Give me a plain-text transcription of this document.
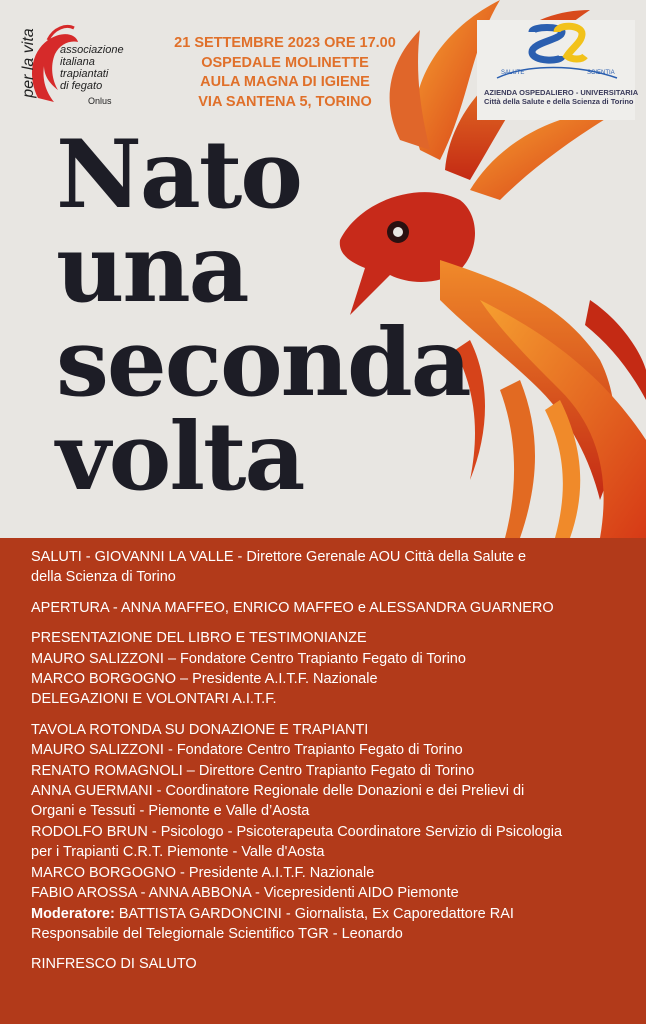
per la vita associazione
italiana
trapiantati
di fegato
Onlus
21 SETTEMBRE 2023 ORE 17.00
OSPEDALE MOLINETTE
AULA MAGNA DI IGIENE
VIA SANTENA 5, TORINO
SALUTE	SCIENTIA
AZIENDA OSPEDALIERO - UNIVERSITARIA
Città della Salute e della Scienza di Torino
Nato
una
seconda
volta
SALUTI - GIOVANNI LA VALLE - Direttore Gerenale AOU Città della Salute e
della Scienza di Torino
APERTURA - ANNA MAFFEO, ENRICO MAFFEO e ALESSANDRA GUARNERO
PRESENTAZIONE DEL LIBRO E TESTIMONIANZE
MAURO SALIZZONI – Fondatore Centro Trapianto Fegato di Torino
MARCO BORGOGNO – Presidente A.I.T.F. Nazionale
DELEGAZIONI E VOLONTARI A.I.T.F.
TAVOLA ROTONDA SU DONAZIONE E TRAPIANTI
MAURO SALIZZONI - Fondatore Centro Trapianto Fegato di Torino
RENATO ROMAGNOLI – Direttore Centro Trapianto Fegato di Torino
ANNA GUERMANI - Coordinatore Regionale delle Donazioni e dei Prelievi di
Organi e Tessuti - Piemonte e Valle d’Aosta
RODOLFO BRUN - Psicologo - Psicoterapeuta Coordinatore Servizio di Psicologia
per i Trapianti C.R.T. Piemonte - Valle d'Aosta
MARCO BORGOGNO - Presidente A.I.T.F. Nazionale
FABIO AROSSA - ANNA ABBONA - Vicepresidenti AIDO Piemonte
Moderatore: BATTISTA GARDONCINI - Giornalista, Ex Caporedattore RAI
Responsabile del Telegiornale Scientifico TGR - Leonardo
RINFRESCO DI SALUTO
